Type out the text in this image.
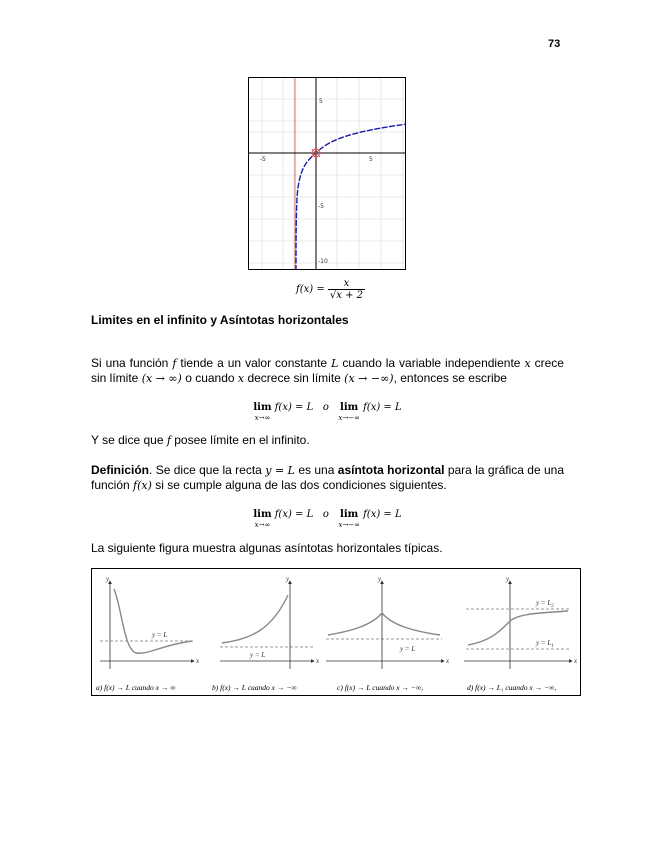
73
-5	5
5
-5
-10
$f(x) = \frac{x}{√x + 2}$
Limites en el infinito y Asíntotas horizontales
Si una función f tiende a un valor constante L cuando la variable independiente x crece sin límite (x → ∞) o cuando x decrece sin límite (x → −∞), entonces se escribe
lim
x→∞
f(x) = L o lim
x→−∞
f(x) = L
Y se dice que f posee límite en el infinito.
Definición. Se dice que la recta y = L es una asíntota horizontal para la gráfica de una función f(x) si se cumple alguna de las dos condiciones siguientes.
lim
x→∞
f(x) = L o lim
x→−∞
f(x) = L
La siguiente figura muestra algunas asíntotas horizontales típicas.
y
x
y = L
y
x
y = L
y
x
y = L
y
x
$y = L_2$
$y = L_1$
a) f(x) → L cuando x → ∞	b) f(x) → L cuando x → −∞	c) f(x) → L cuando x → −∞,	d) f(x) → L₁ cuando x → −∞,
